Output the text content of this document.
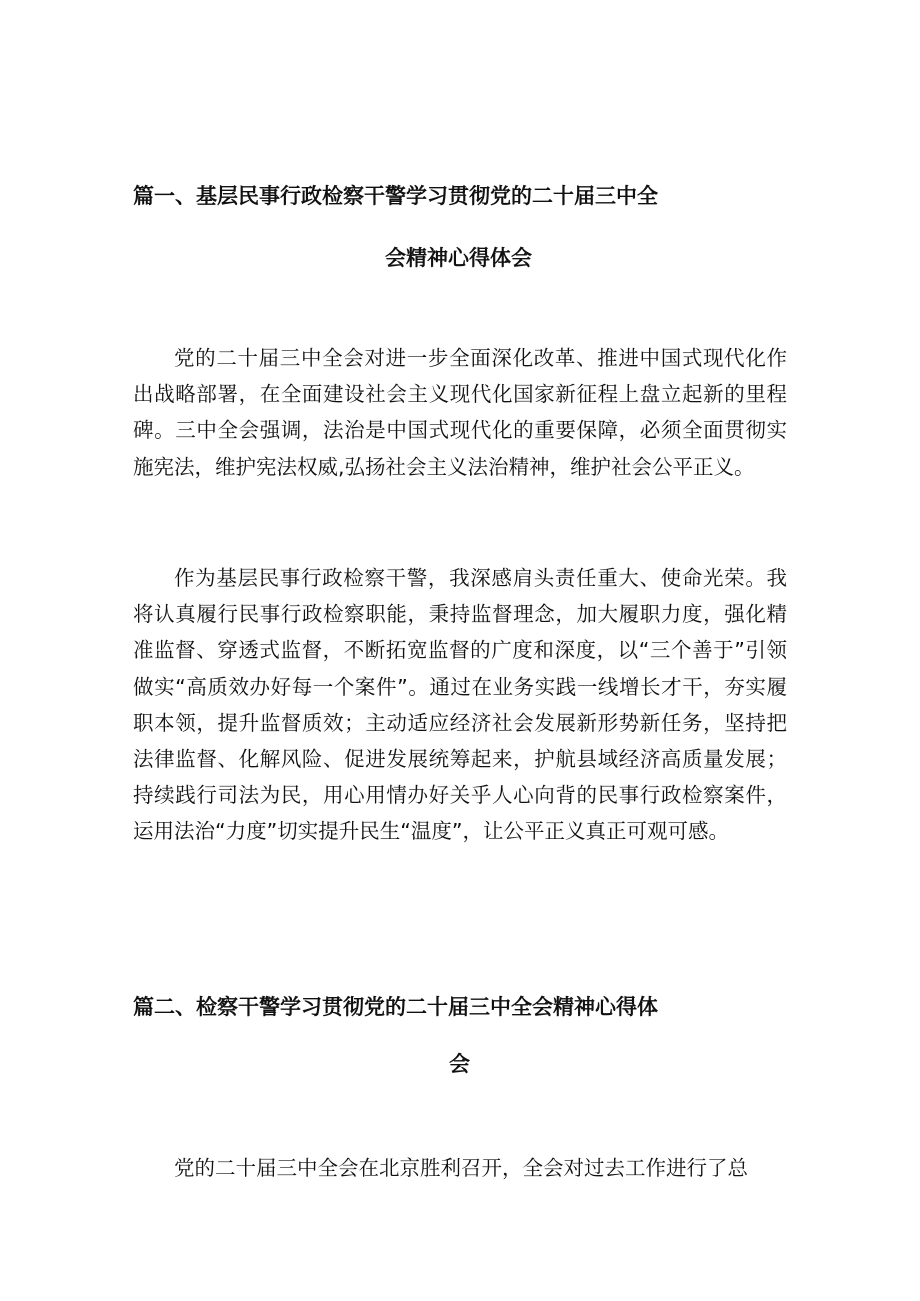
篇一、基层民事行政检察干警学习贯彻党的二十届三中全
会精神心得体会

党的二十届三中全会对进一步全面深化改革、推进中国式现代化作出战略部署，在全面建设社会主义现代化国家新征程上盘立起新的里程碑。三中全会强调，法治是中国式现代化的重要保障，必须全面贯彻实施宪法，维护宪法权威,弘扬社会主义法治精神，维护社会公平正义。

作为基层民事行政检察干警，我深感肩头责任重大、使命光荣。我将认真履行民事行政检察职能，秉持监督理念，加大履职力度，强化精准监督、穿透式监督，不断拓宽监督的广度和深度，以“三个善于”引领做实“高质效办好每一个案件”。通过在业务实践一线增长才干，夯实履职本领，提升监督质效；主动适应经济社会发展新形势新任务，坚持把法律监督、化解风险、促进发展统筹起来，护航县域经济高质量发展；持续践行司法为民，用心用情办好关乎人心向背的民事行政检察案件，运用法治“力度”切实提升民生“温度”，让公平正义真正可观可感。

篇二、检察干警学习贯彻党的二十届三中全会精神心得体
会

党的二十届三中全会在北京胜利召开，全会对过去工作进行了总
